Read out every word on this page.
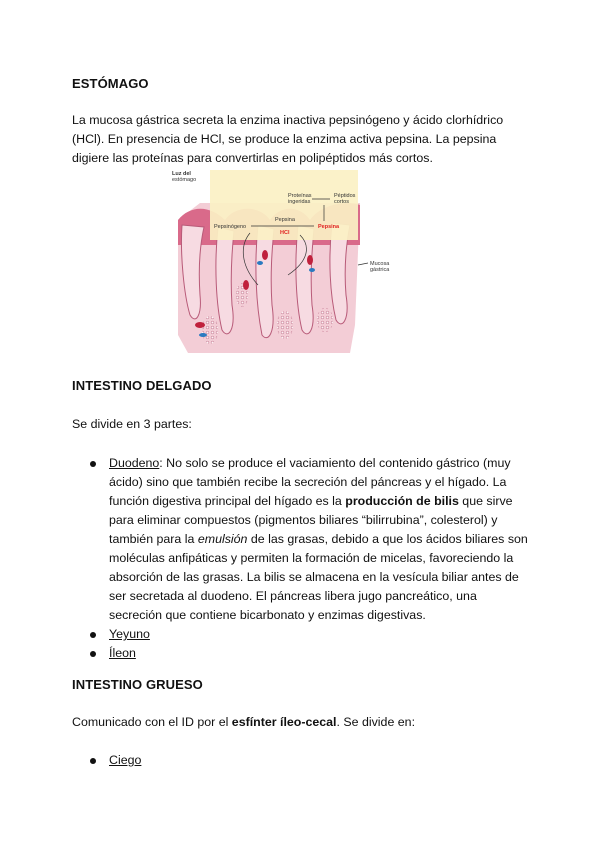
ESTÓMAGO

La mucosa gástrica secreta la enzima inactiva pepsinógeno y ácido clorhídrico (HCl). En presencia de HCl, se produce la enzima activa pepsina. La pepsina digiere las proteínas para convertirlas en polipéptidos más cortos.

Luz del
estómago
Proteínas
ingeridas
Péptidos
cortos
Pepsinógeno
Pepsina
HCl
Pepsina
Mucosa
gástrica
INTESTINO DELGADO

Se divide en 3 partes:

Duodeno: No solo se produce el vaciamiento del contenido gástrico (muy ácido) sino que también recibe la secreción del páncreas y el hígado. La función digestiva principal del hígado es la producción de bilis que sirve para eliminar compuestos (pigmentos biliares “bilirrubina”, colesterol) y también para la emulsión de las grasas, debido a que los ácidos biliares son moléculas anfipáticas y permiten la formación de micelas, favoreciendo la absorción de las grasas. La bilis se almacena en la vesícula biliar antes de ser secretada al duodeno. El páncreas libera jugo pancreático, una secreción que contiene bicarbonato y enzimas digestivas.
Yeyuno
Íleon
INTESTINO GRUESO

Comunicado con el ID por el esfínter íleo-cecal. Se divide en:

Ciego
